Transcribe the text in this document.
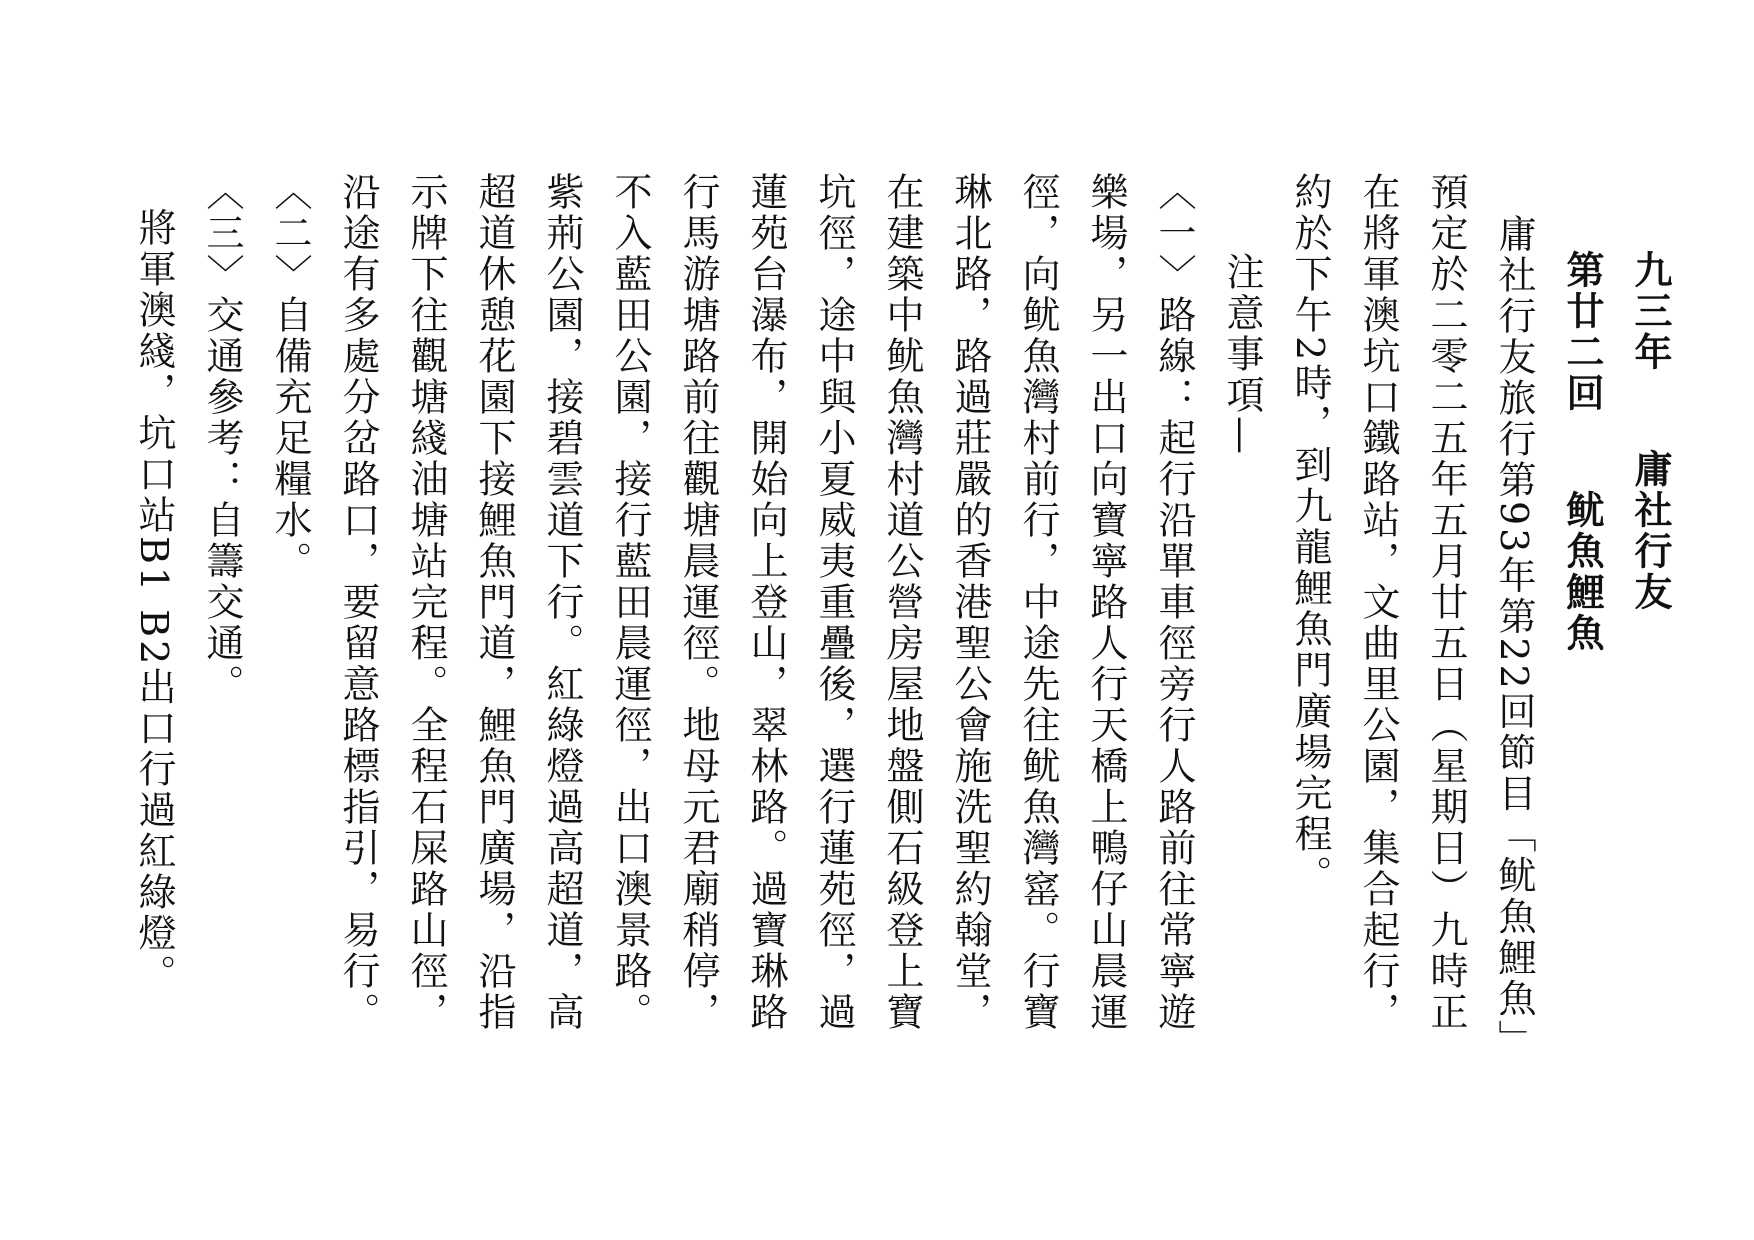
九三年庸社行友
第廿二回鱿魚鯉魚
庸社行友旅行第93年第22回節目「鱿魚鯉魚」
預定於二零二五年五月廿五日（星期日）九時正
在將軍澳坑口鐵路站，文曲里公園，集合起行，
約於下午2時，到九龍鯉魚門廣場完程。
注意事項—
〈一〉路線：起行沿單車徑旁行人路前往常寧遊
樂場，另一出口向寶寧路人行天橋上鴨仔山晨運
徑，向鱿魚灣村前行，中途先往鱿魚灣窰。行寶
琳北路，路過莊嚴的香港聖公會施洗聖約翰堂，
在建築中鱿魚灣村道公營房屋地盤側石級登上寶
坑徑，途中與小夏威夷重疊後，選行蓮苑徑，過
蓮苑台瀑布，開始向上登山，翠林路。過寶琳路
行馬游塘路前往觀塘晨運徑。地母元君廟稍停，
不入藍田公園，接行藍田晨運徑，出口澳景路。
紫荊公園，接碧雲道下行。紅綠燈過高超道，高
超道休憩花園下接鯉魚門道，鯉魚門廣場，沿指
示牌下往觀塘綫油塘站完程。全程石屎路山徑，
沿途有多處分岔路口，要留意路標指引，易行。
〈二〉自備充足糧水。
〈三〉交通參考：自籌交通。
將軍澳綫，坑口站B1 B2出口行過紅綠燈。
